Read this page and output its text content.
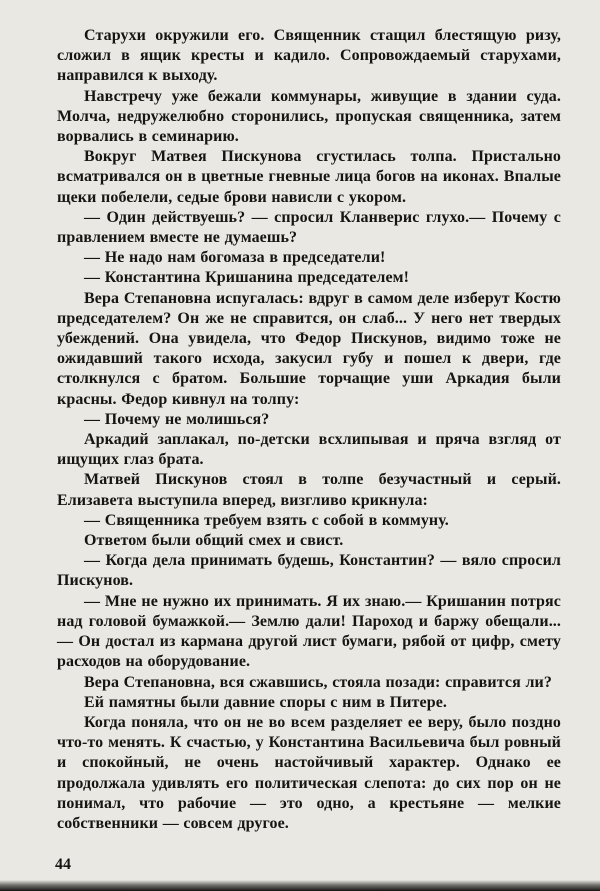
Старухи окружили его. Священник стащил блестящую ризу, сложил в ящик кресты и кадило. Сопровождаемый старухами, направился к выходу.

Навстречу уже бежали коммунары, живущие в здании суда. Молча, недружелюбно сторонились, пропуская священника, затем ворвались в семинарию.

Вокруг Матвея Пискунова сгустилась толпа. Пристально всматривался он в цветные гневные лица богов на иконах. Впалые щеки побелели, седые брови нависли с укором.

— Один действуешь? — спросил Кланверис глухо.— Почему с правлением вместе не думаешь?

— Не надо нам богомаза в председатели!

— Константина Кришанина председателем!

Вера Степановна испугалась: вдруг в самом деле изберут Костю председателем? Он же не справится, он слаб... У него нет твердых убеждений. Она увидела, что Федор Пискунов, видимо тоже не ожидавший такого исхода, закусил губу и пошел к двери, где столкнулся с братом. Большие торчащие уши Аркадия были красны. Федор кивнул на толпу:

— Почему не молишься?

Аркадий заплакал, по-детски всхлипывая и пряча взгляд от ищущих глаз брата.

Матвей Пискунов стоял в толпе безучастный и серый. Елизавета выступила вперед, визгливо крикнула:

— Священника требуем взять с собой в коммуну.

Ответом были общий смех и свист.

— Когда дела принимать будешь, Константин? — вяло спросил Пискунов.

— Мне не нужно их принимать. Я их знаю.— Кришанин потряс над головой бумажкой.— Землю дали! Пароход и баржу обещали...— Он достал из кармана другой лист бумаги, рябой от цифр, смету расходов на оборудование.

Вера Степановна, вся сжавшись, стояла позади: справится ли?

Ей памятны были давние споры с ним в Питере.

Когда поняла, что он не во всем разделяет ее веру, было поздно что-то менять. К счастью, у Константина Васильевича был ровный и спокойный, не очень настойчивый характер. Однако ее продолжала удивлять его политическая слепота: до сих пор он не понимал, что рабочие — это одно, а крестьяне — мелкие собственники — совсем другое.

44
